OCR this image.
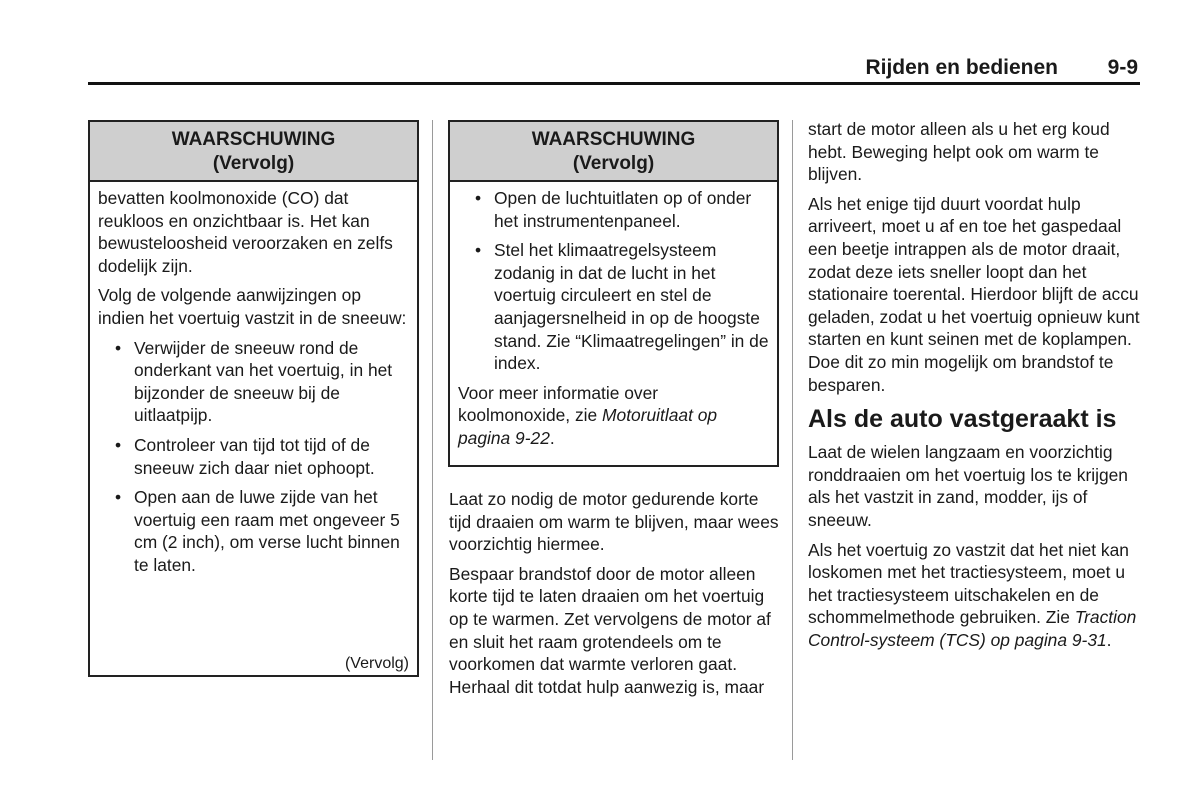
Rijden en bedienen 9-9
WAARSCHUWING
(Vervolg)

bevatten koolmonoxide (CO) dat reukloos en onzichtbaar is. Het kan bewusteloosheid veroorzaken en zelfs dodelijk zijn.

Volg de volgende aanwijzingen op indien het voertuig vastzit in de sneeuw:

• Verwijder de sneeuw rond de onderkant van het voertuig, in het bijzonder de sneeuw bij de uitlaatpijp.
• Controleer van tijd tot tijd of de sneeuw zich daar niet ophoopt.
• Open aan de luwe zijde van het voertuig een raam met ongeveer 5 cm (2 inch), om verse lucht binnen te laten.

(Vervolg)

WAARSCHUWING
(Vervolg)
• Open de luchtuitlaten op of onder het instrumentenpaneel.
• Stel het klimaatregelsysteem zodanig in dat de lucht in het voertuig circuleert en stel de aanjagersnelheid in op de hoogste stand. Zie “Klimaatregelingen” in de index.

Voor meer informatie over koolmonoxide, zie Motoruitlaat op pagina 9-22.

Laat zo nodig de motor gedurende korte tijd draaien om warm te blijven, maar wees voorzichtig hiermee.

Bespaar brandstof door de motor alleen korte tijd te laten draaien om het voertuig op te warmen. Zet vervolgens de motor af en sluit het raam grotendeels om te voorkomen dat warmte verloren gaat. Herhaal dit totdat hulp aanwezig is, maar

start de motor alleen als u het erg koud hebt. Beweging helpt ook om warm te blijven.

Als het enige tijd duurt voordat hulp arriveert, moet u af en toe het gaspedaal een beetje intrappen als de motor draait, zodat deze iets sneller loopt dan het stationaire toerental. Hierdoor blijft de accu geladen, zodat u het voertuig opnieuw kunt starten en kunt seinen met de koplampen. Doe dit zo min mogelijk om brandstof te besparen.

Als de auto vastgeraakt is

Laat de wielen langzaam en voorzichtig ronddraaien om het voertuig los te krijgen als het vastzit in zand, modder, ijs of sneeuw.

Als het voertuig zo vastzit dat het niet kan loskomen met het tractiesysteem, moet u het tractiesysteem uitschakelen en de schommelmethode gebruiken. Zie Traction Control-systeem (TCS) op pagina 9-31.
